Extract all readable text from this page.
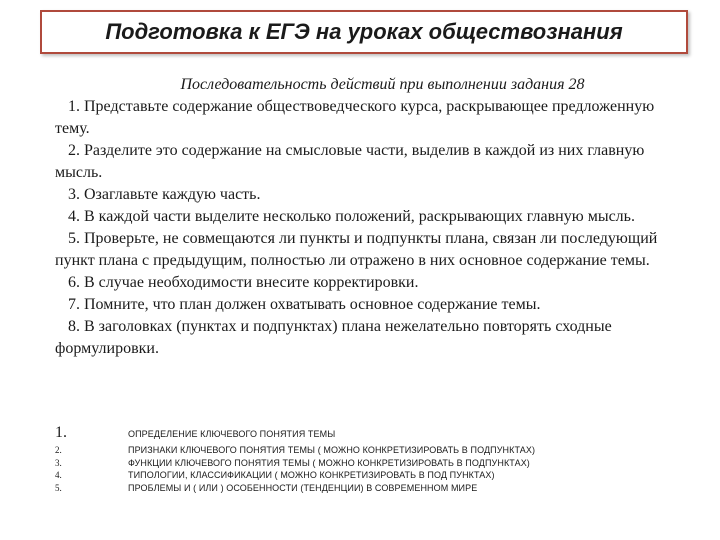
Подготовка к ЕГЭ на уроках обществознания
Последовательность действий при выполнении задания 28

1. Представьте содержание обществоведческого курса, раскрывающее предложенную тему.

2. Разделите это содержание на смысловые части, выделив в каждой из них главную мысль.

3. Озаглавьте каждую часть.

4. В каждой части выделите несколько положений, раскрывающих главную мысль.

5. Проверьте, не совмещаются ли пункты и подпункты плана, связан ли последующий пункт плана с предыдущим, полностью ли отражено в них основное содержание темы.

6. В случае необходимости внесите корректировки.

7. Помните, что план должен охватывать основное содержание темы.

8. В заголовках (пунктах и подпунктах) плана нежелательно повторять сходные формулировки.

1.	ОПРЕДЕЛЕНИЕ КЛЮЧЕВОГО ПОНЯТИЯ ТЕМЫ
2.	ПРИЗНАКИ КЛЮЧЕВОГО ПОНЯТИЯ ТЕМЫ ( МОЖНО КОНКРЕТИЗИРОВАТЬ В ПОДПУНКТАХ)
3.	ФУНКЦИИ КЛЮЧЕВОГО ПОНЯТИЯ ТЕМЫ ( МОЖНО КОНКРЕТИЗИРОВАТЬ В ПОДПУНКТАХ)
4.	ТИПОЛОГИИ, КЛАССИФИКАЦИИ ( МОЖНО КОНКРЕТИЗИРОВАТЬ В ПОД ПУНКТАХ)
5.	ПРОБЛЕМЫ И ( ИЛИ ) ОСОБЕННОСТИ (ТЕНДЕНЦИИ) В СОВРЕМЕННОМ МИРЕ
